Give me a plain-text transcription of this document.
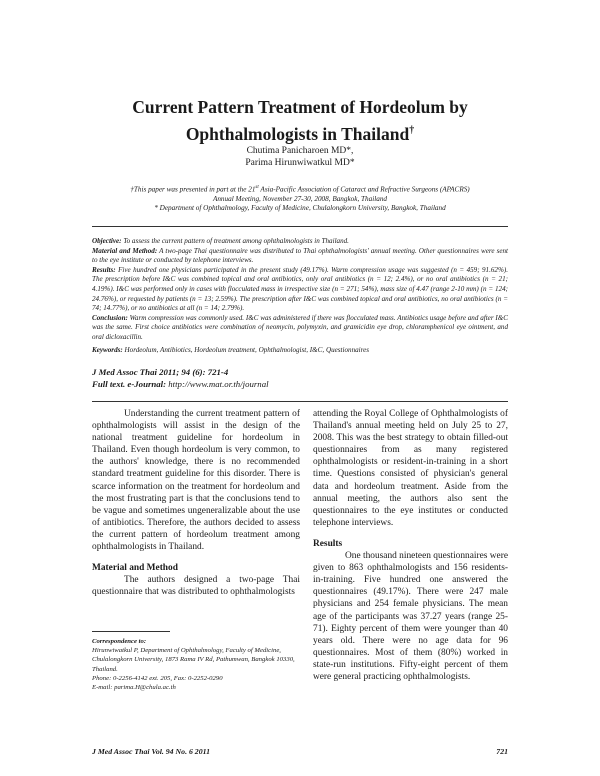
Current Pattern Treatment of Hordeolum by
Ophthalmologists in Thailand†
Chutima Panicharoen MD*,
Parima Hirunwiwatkul MD*
†This paper was presented in part at the 21st Asia-Pacific Association of Cataract and Refractive Surgeons (APACRS)
Annual Meeting, November 27-30, 2008, Bangkok, Thailand
* Department of Ophthalmology, Faculty of Medicine, Chulalongkorn University, Bangkok, Thailand

Objective: To assess the current pattern of treatment among ophthalmologists in Thailand.

Material and Method: A two-page Thai questionnaire was distributed to Thai ophthalmologists' annual meeting. Other questionnaires were sent to the eye institute or conducted by telephone interviews.

Results: Five hundred one physicians participated in the present study (49.17%). Warm compression usage was suggested (n = 459; 91.62%). The prescription before I&C was combined topical and oral antibiotics, only oral antibiotics (n = 12; 2.4%), or no oral antibiotics (n = 21; 4.19%). I&C was performed only in cases with flocculated mass in irrespective size (n = 271; 54%), mass size of 4.47 (range 2-10 mm) (n = 124; 24.76%), or requested by patients (n = 13; 2.59%). The prescription after I&C was combined topical and oral antibiotics, no oral antibiotics (n = 74; 14.77%), or no antibiotics at all (n = 14; 2.79%).

Conclusion: Warm compression was commonly used. I&C was administered if there was flocculated mass. Antibiotics usage before and after I&C was the same. First choice antibiotics were combination of neomycin, polymyxin, and gramicidin eye drop, chloramphenicol eye ointment, and oral dicloxacillin.

Keywords: Hordeolum, Antibiotics, Hordeolum treatment, Ophthalmologist, I&C, Questionnaires
J Med Assoc Thai 2011; 94 (6): 721-4
Full text. e-Journal: http://www.mat.or.th/journal

Understanding the current treatment pattern of ophthalmologists will assist in the design of the national treatment guideline for hordeolum in Thailand. Even though hordeolum is very common, to the authors' knowledge, there is no recommended standard treatment guideline for this disorder. There is scarce information on the treatment for hordeolum and the most frustrating part is that the conclusions tend to be vague and sometimes ungeneralizable about the use of antibiotics. Therefore, the authors decided to assess the current pattern of hordeolum treatment among ophthalmologists in Thailand.

Material and Method

The authors designed a two-page Thai questionnaire that was distributed to ophthalmologists

Correspondence to:
Hirunwiwatkul P, Department of Ophthalmology, Faculty of Medicine, Chulalongkorn University, 1873 Rama IV Rd, Pathumwan, Bangkok 10330, Thailand.
Phone: 0-2256-4142 ext. 205, Fax: 0-2252-0290
E-mail: parima.H@chula.ac.th

attending the Royal College of Ophthalmologists of Thailand's annual meeting held on July 25 to 27, 2008. This was the best strategy to obtain filled-out questionnaires from as many registered ophthalmologists or resident-in-training in a short time. Questions consisted of physician's general data and hordeolum treatment. Aside from the annual meeting, the authors also sent the questionnaires to the eye institutes or conducted telephone interviews.

Results

One thousand nineteen questionnaires were given to 863 ophthalmologists and 156 residents-in-training. Five hundred one answered the questionnaires (49.17%). There were 247 male physicians and 254 female physicians. The mean age of the participants was 37.27 years (range 25-71). Eighty percent of them were younger than 40 years old. There were no age data for 96 questionnaires. Most of them (80%) worked in state-run institutions. Fifty-eight percent of them were general practicing ophthalmologists.

J Med Assoc Thai Vol. 94 No. 6 2011	721
